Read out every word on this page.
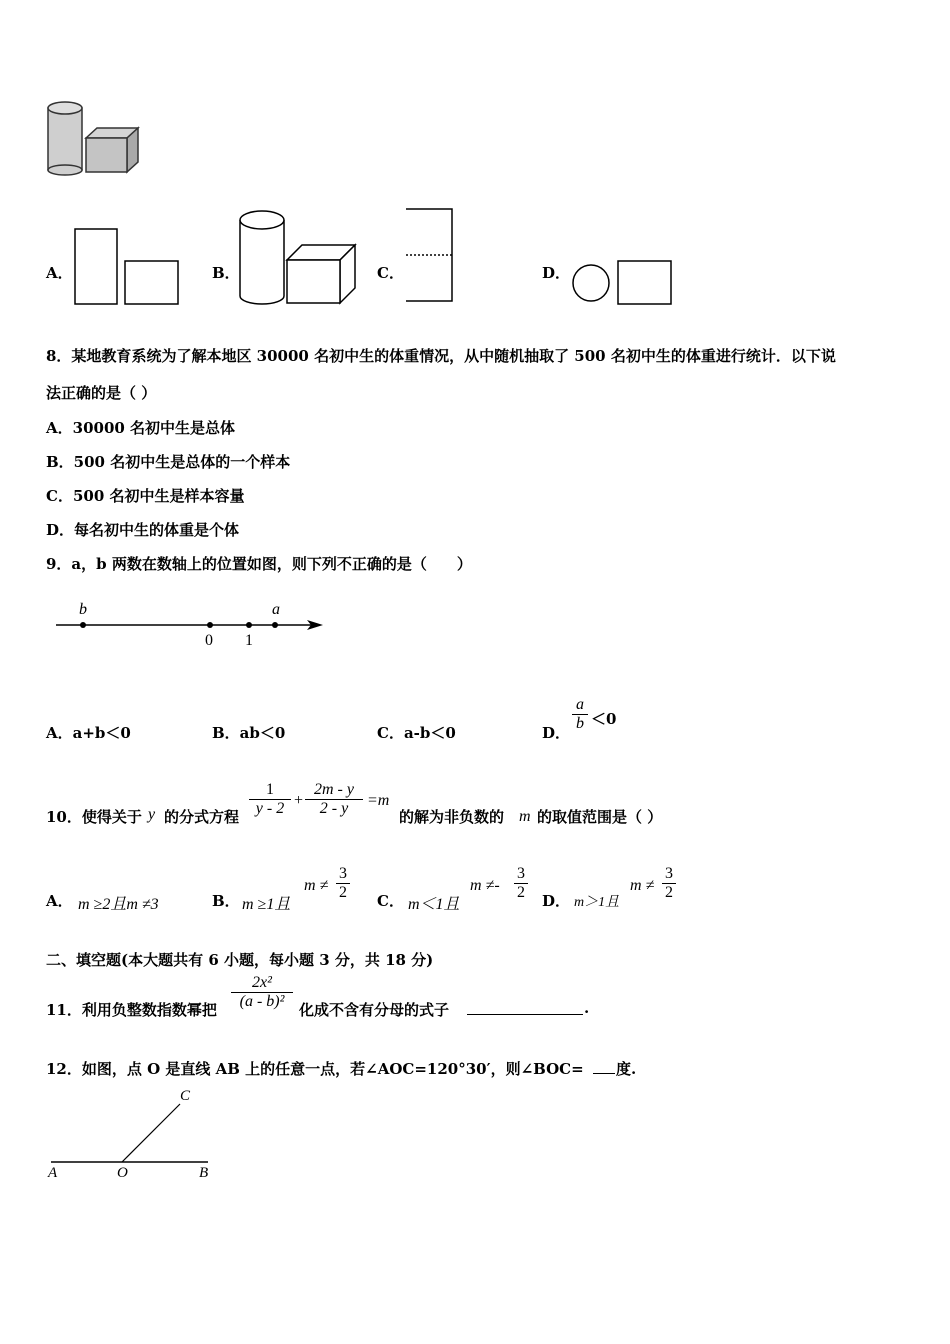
A．	B．	C．	D．
8．某地教育系统为了解本地区 30000 名初中生的体重情况，从中随机抽取了 500 名初中生的体重进行统计．以下说
法正确的是（ ）
A．30000 名初中生是总体
B．500 名初中生是总体的一个样本
C．500 名初中生是样本容量
D．每名初中生的体重是个体
9．a，b 两数在数轴上的位置如图，则下列不正确的是（　　）
b	a
0 1
A．a+b＜0	B．ab＜0	C．a-b＜0	D．
a
b ＜0
10．使得关于 y 的分式方程
1
y - 2 +
2m - y
2 - y	=m
的解为非负数的 m 的取值范围是（ ）
A． m ≥2且m ≠3	B． m ≥1且
m ≠
3
2 C． m＜1且
m ≠-
3
2 D． m＞1且
m ≠
3
2
二、填空题(本大题共有 6 小题，每小题 3 分，共 18 分)
11．利用负整数指数幂把
2x²
(a - b)² 化成不含有分母的式子	.
12．如图，点 O 是直线 AB 上的任意一点，若∠AOC=120°30′，则∠BOC= 度.
C
A	O	B
